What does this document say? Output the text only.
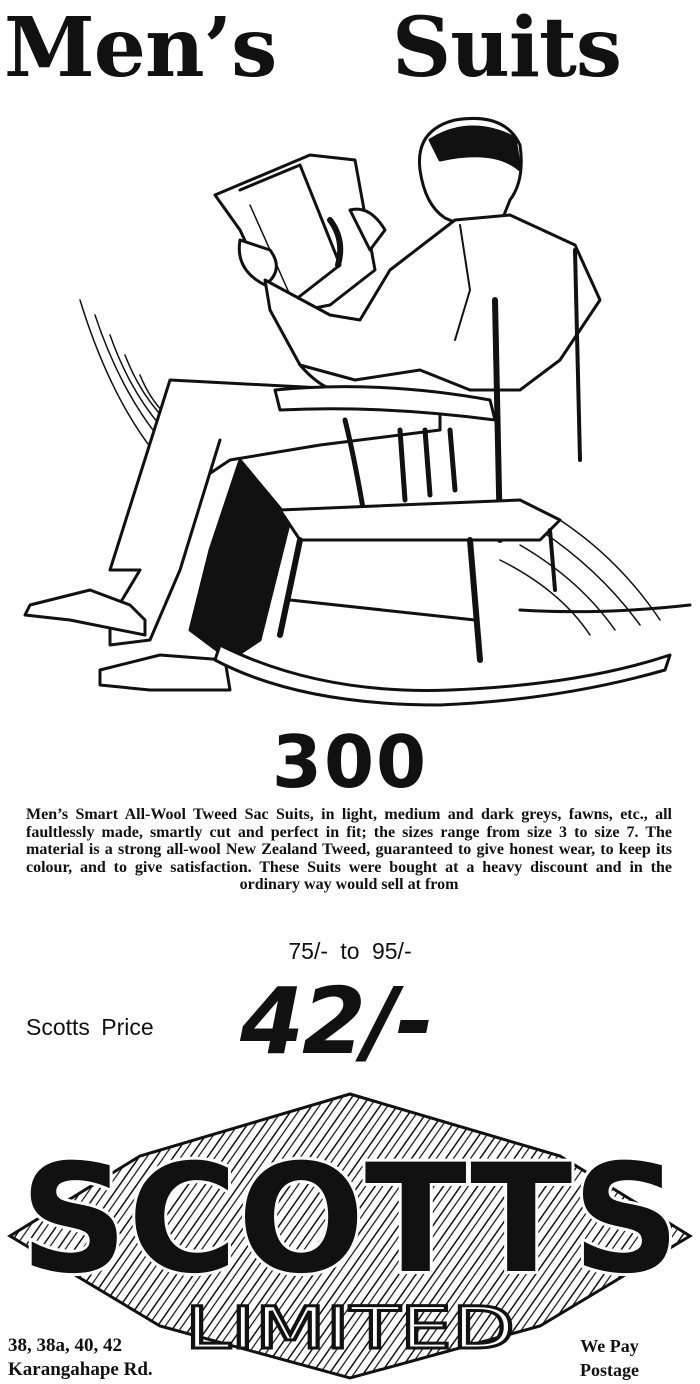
Men’s Suits
300

Men’s Smart All-Wool Tweed Sac Suits, in light, medium and dark greys, fawns, etc., all faultlessly made, smartly cut and perfect in fit; the sizes range from size 3 to size 7. The material is a strong all-wool New Zealand Tweed, guaranteed to give honest wear, to keep its colour, and to give satisfaction. These Suits were bought at a heavy discount and in the ordinary way would sell at from

75/- to 95/-
Scotts Price 42/-
SCOTTS
LIMITED
38, 38a, 40, 42
Karangahape Rd.
We Pay
Postage
